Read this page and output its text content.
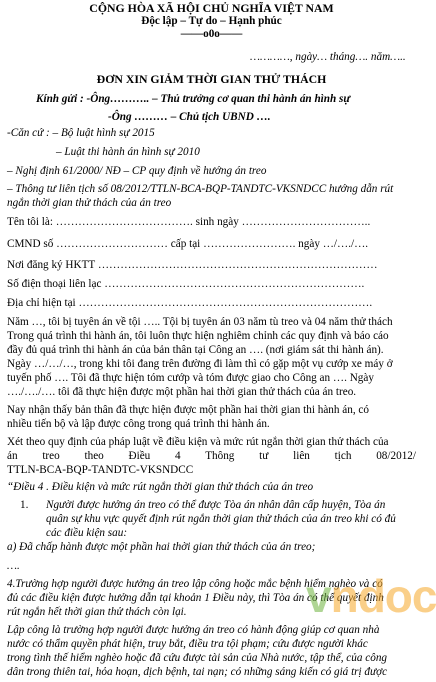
CỘNG HÒA XÃ HỘI CHỦ NGHĨA VIỆT NAM
Độc lập – Tự do – Hạnh phúc
——o0o——
…………, ngày… tháng…. năm…..
ĐƠN XIN GIẢM THỜI GIAN THỬ THÁCH
Kính gửi : -Ông……….. – Thủ trưởng cơ quan thi hành án hình sự
-Ông ……… – Chủ tịch UBND ….
-Căn cứ : – Bộ luật hình sự 2015
– Luật thi hành án hình sự 2010
– Nghị định 61/2000/ NĐ – CP quy định về hướng án treo
– Thông tư liên tịch số 08/2012/TTLN-BCA-BQP-TANDTC-VKSNDCC hướng dẫn rút
ngắn thời gian thử thách của án treo
Tên tôi là: ………………………………. sinh ngày ……………………………..
CMND số ………………………… cấp tại ……………………. ngày …/…./….
Nơi đăng ký HKTT …………………………………………………………………
Số điện thoại liên lạc …………………………………………………………….
Địa chỉ hiện tại …………………………………………………………………….
Năm …, tôi bị tuyên án về tội ….. Tội bị tuyên án 03 năm tù treo và 04 năm thử thách
Trong quá trình thi hành án, tôi luôn thực hiện nghiêm chỉnh các quy định và báo cáo
đầy đủ quá trình thi hành án của bản thân tại Công an …. (nơi giám sát thi hành án).
Ngày …/…/…, trong khi tôi đang trên đường đi làm thì có gặp một vụ cướp xe máy ở
tuyến phố …. Tôi đã thực hiện tóm cướp và tóm được giao cho Công an …. Ngày
…./…./…. tôi đã thực hiện được một phần hai thời gian thử thách của án treo.
Nay nhận thấy bản thân đã thực hiện được một phần hai thời gian thi hành án, có
nhiều tiến bộ và lập được công trong quá trình thi hành án.
Xét theo quy định của pháp luật về điều kiện và mức rút ngắn thời gian thử thách của
án treo theo Điều 4 Thông tư liên tịch 08/2012/
TTLN-BCA-BQP-TANDTC-VKSNDCC
“Điều 4 . Điều kiện và mức rút ngắn thời gian thử thách của án treo
1. Người được hưởng án treo có thể được Tòa án nhân dân cấp huyện, Tòa án
quân sự khu vực quyết định rút ngắn thời gian thử thách của án treo khi có đủ
các điều kiện sau:
a) Đã chấp hành được một phần hai thời gian thử thách của án treo;
….
4.Trường hợp người được hưởng án treo lập công hoặc mắc bệnh hiểm nghèo và có
đủ các điều kiện được hưởng dẫn tại khoản 1 Điều này, thì Tòa án có thể quyết định
rút ngắn hết thời gian thử thách còn lại.
Lập công là trường hợp người được hưởng án treo có hành động giúp cơ quan nhà
nước có thẩm quyền phát hiện, truy bắt, điều tra tội phạm; cứu được người khác
trong tình thế hiểm nghèo hoặc đã cứu được tài sản của Nhà nước, tập thể, của công
dân trong thiên tai, hỏa hoạn, dịch bệnh, tai nạn; có những sáng kiến có giá trị được
vndoc
